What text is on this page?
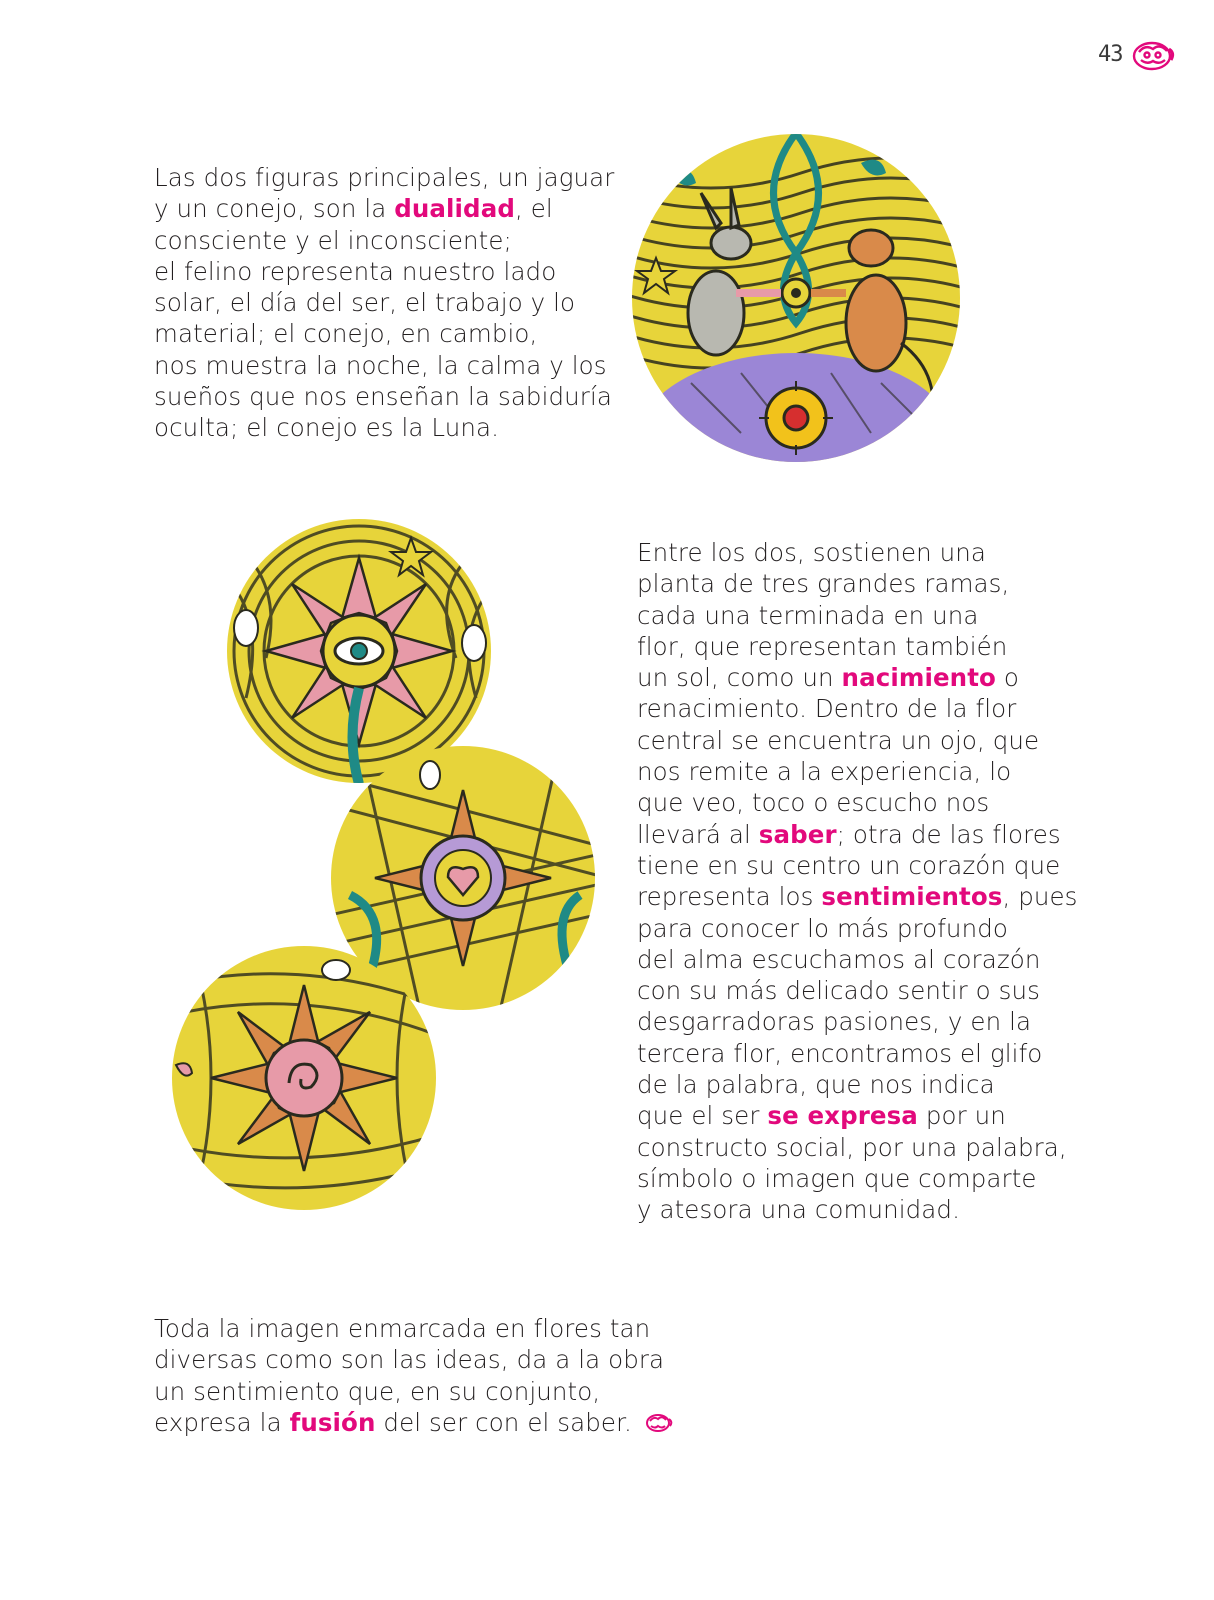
43

Las dos figuras principales, un jaguar
y un conejo, son la dualidad, el
consciente y el inconsciente;
el felino representa nuestro lado
solar, el día del ser, el trabajo y lo
material; el conejo, en cambio,
nos muestra la noche, la calma y los
sueños que nos enseñan la sabiduría
oculta; el conejo es la Luna.

Entre los dos, sostienen una
planta de tres grandes ramas,
cada una terminada en una
flor, que representan también
un sol, como un nacimiento o
renacimiento. Dentro de la flor
central se encuentra un ojo, que
nos remite a la experiencia, lo
que veo, toco o escucho nos
llevará al saber; otra de las flores
tiene en su centro un corazón que
representa los sentimientos, pues
para conocer lo más profundo
del alma escuchamos al corazón
con su más delicado sentir o sus
desgarradoras pasiones, y en la
tercera flor, encontramos el glifo
de la palabra, que nos indica
que el ser se expresa por un
constructo social, por una palabra,
símbolo o imagen que comparte
y atesora una comunidad.

Toda la imagen enmarcada en flores tan
diversas como son las ideas, da a la obra
un sentimiento que, en su conjunto,
expresa la fusión del ser con el saber.
